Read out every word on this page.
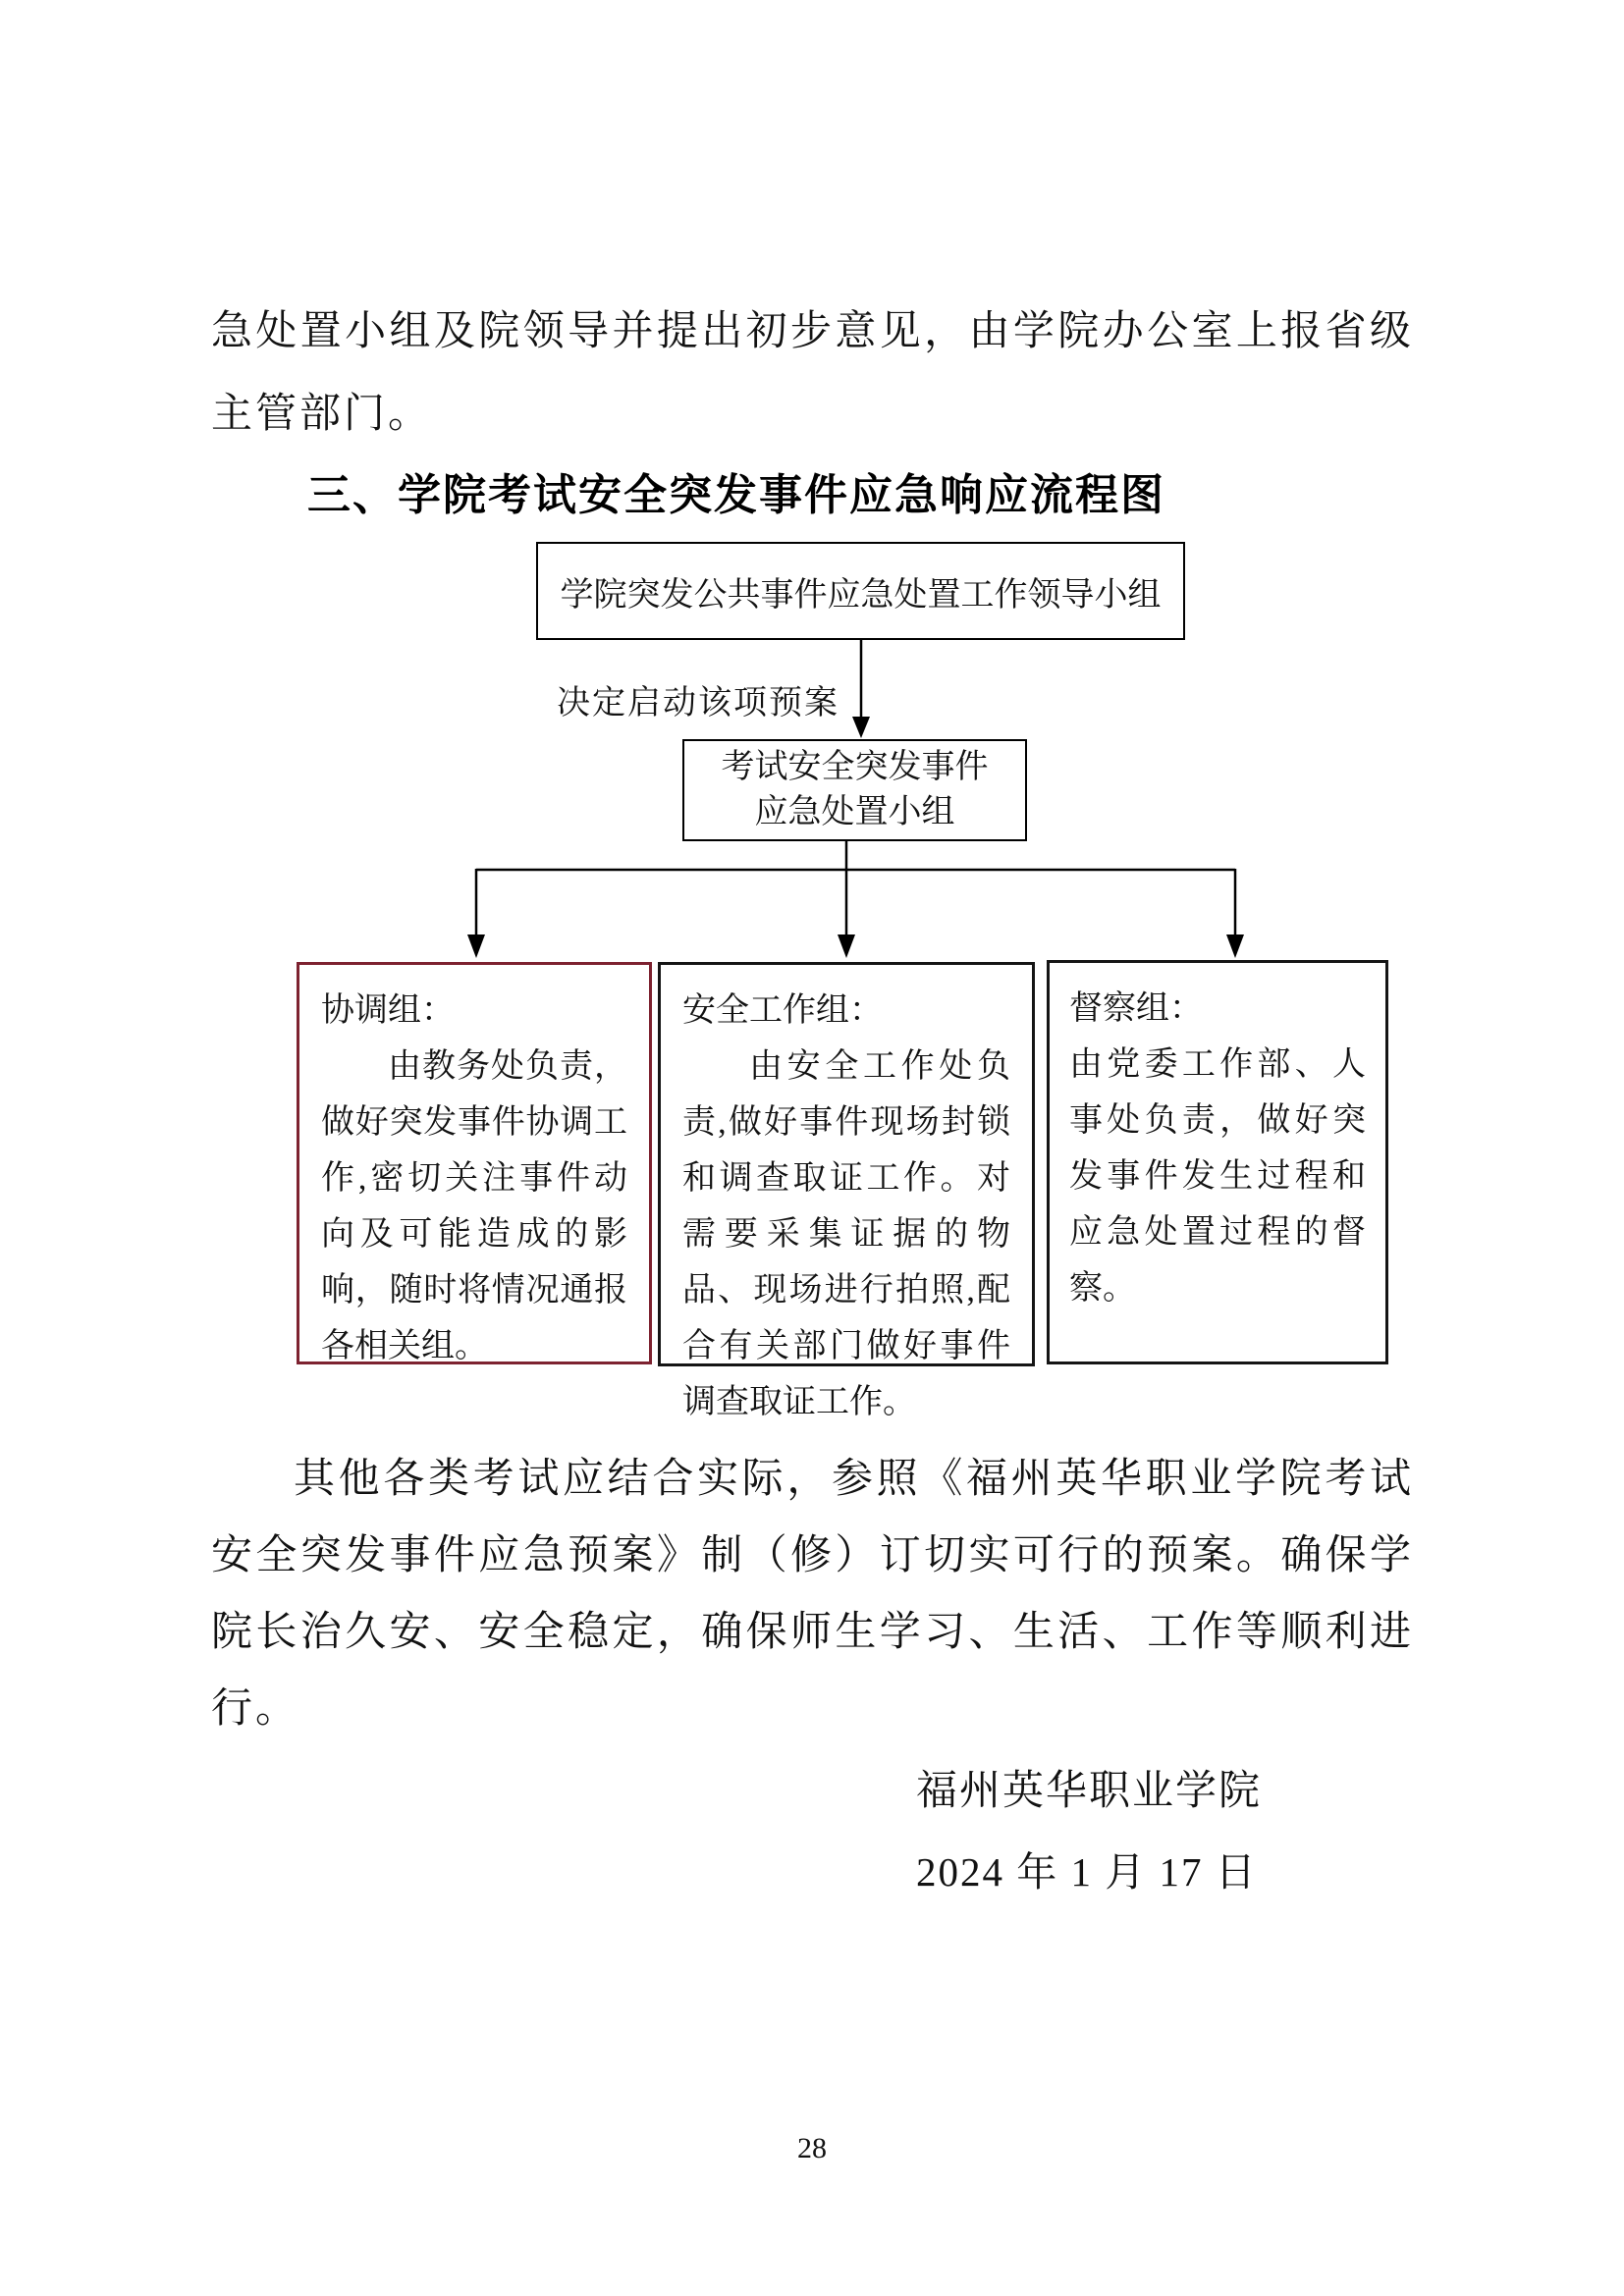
急处置小组及院领导并提出初步意见，由学院办公室上报省级主管部门。
三、学院考试安全突发事件应急响应流程图
学院突发公共事件应急处置工作领导小组
决定启动该项预案
考试安全突发事件
应急处置小组

协调组：

由教务处负责，做好突发事件协调工作,密切关注事件动向及可能造成的影响，随时将情况通报各相关组。

安全工作组：

由安全工作处负责,做好事件现场封锁和调查取证工作。对需要采集证据的物品、现场进行拍照,配合有关部门做好事件调查取证工作。

督察组：

由党委工作部、人事处负责，做好突发事件发生过程和应急处置过程的督察。

其他各类考试应结合实际，参照《福州英华职业学院考试安全突发事件应急预案》制（修）订切实可行的预案。确保学院长治久安、安全稳定，确保师生学习、生活、工作等顺利进行。
福州英华职业学院
2024 年 1 月 17 日
28
